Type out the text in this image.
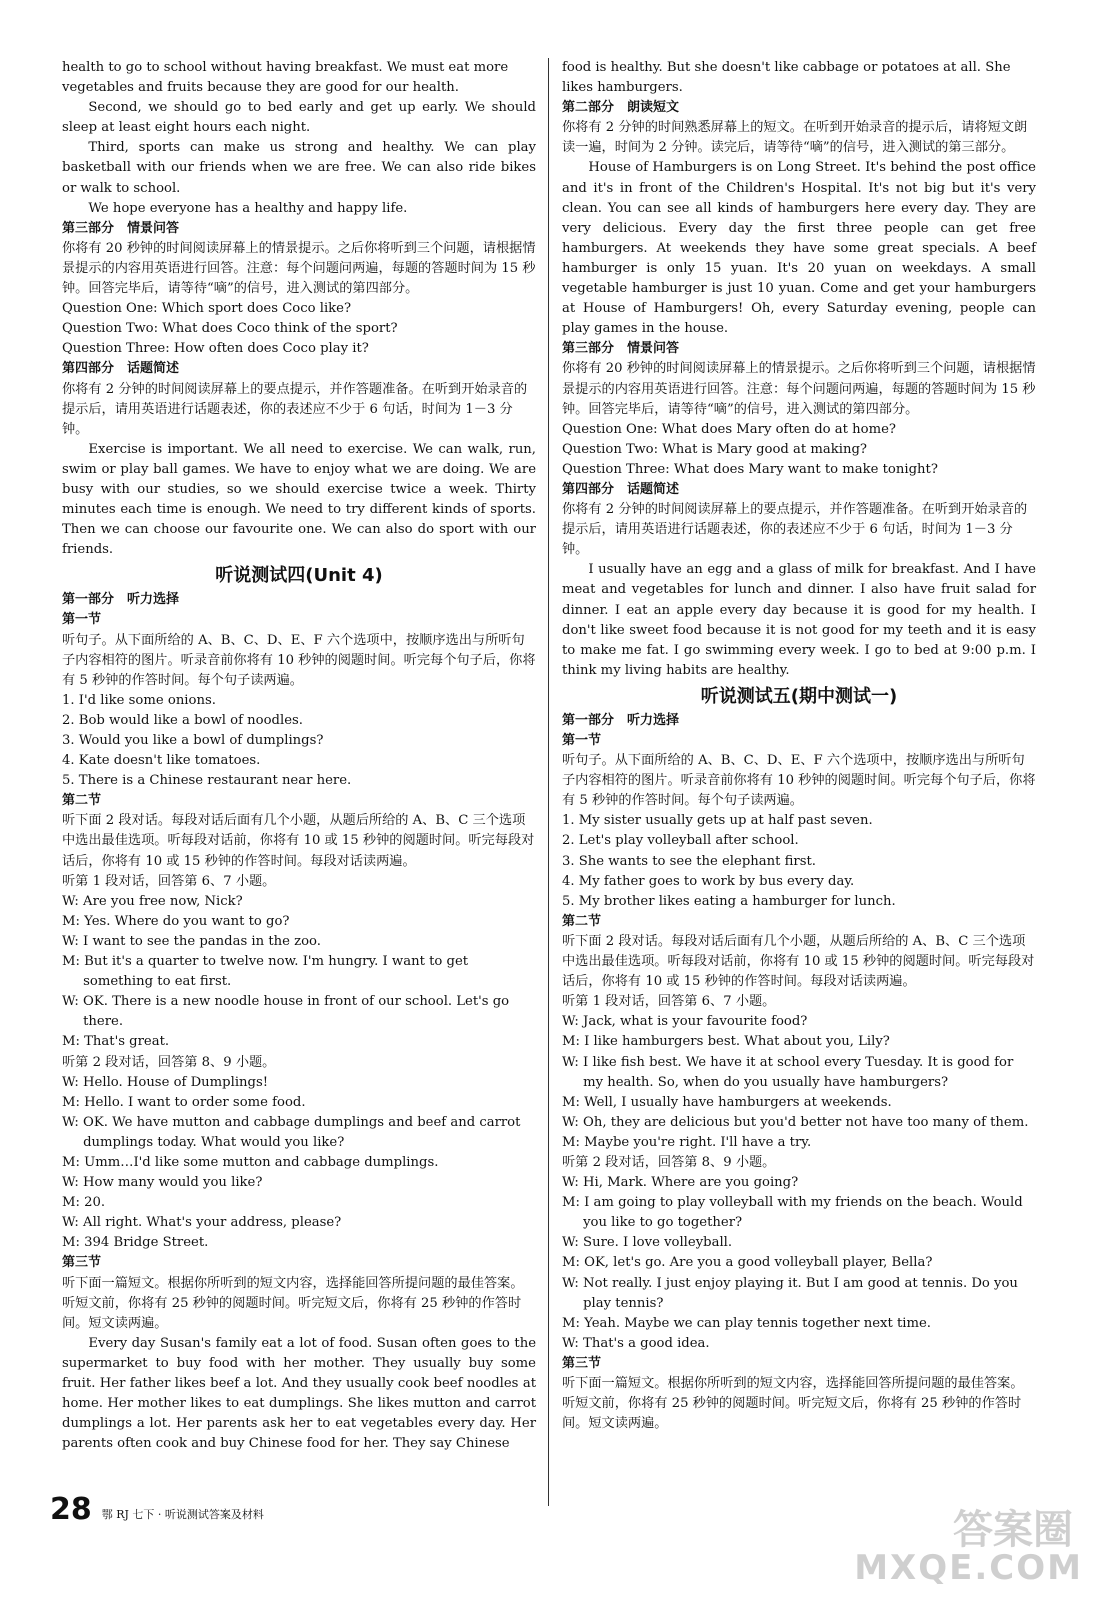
health to go to school without having breakfast. We must eat more vegetables and fruits because they are good for our health.

Second, we should go to bed early and get up early. We should sleep at least eight hours each night.

Third, sports can make us strong and healthy. We can play basketball with our friends when we are free. We can also ride bikes or walk to school.

We hope everyone has a healthy and happy life.

第三部分　情景问答

你将有 20 秒钟的时间阅读屏幕上的情景提示。之后你将听到三个问题，请根据情景提示的内容用英语进行回答。注意：每个问题问两遍，每题的答题时间为 15 秒钟。回答完毕后，请等待“嘀”的信号，进入测试的第四部分。

Question One: Which sport does Coco like?

Question Two: What does Coco think of the sport?

Question Three: How often does Coco play it?

第四部分　话题简述

你将有 2 分钟的时间阅读屏幕上的要点提示，并作答题准备。在听到开始录音的提示后，请用英语进行话题表述，你的表述应不少于 6 句话，时间为 1－3 分钟。

Exercise is important. We all need to exercise. We can walk, run, swim or play ball games. We have to enjoy what we are doing. We are busy with our studies, so we should exercise twice a week. Thirty minutes each time is enough. We need to try different kinds of sports. Then we can choose our favourite one. We can also do sport with our friends.

听说测试四(Unit 4)

第一部分　听力选择

第一节

听句子。从下面所给的 A、B、C、D、E、F 六个选项中，按顺序选出与所听句子内容相符的图片。听录音前你将有 10 秒钟的阅题时间。听完每个句子后，你将有 5 秒钟的作答时间。每个句子读两遍。

1. I'd like some onions.

2. Bob would like a bowl of noodles.

3. Would you like a bowl of dumplings?

4. Kate doesn't like tomatoes.

5. There is a Chinese restaurant near here.

第二节

听下面 2 段对话。每段对话后面有几个小题，从题后所给的 A、B、C 三个选项中选出最佳选项。听每段对话前，你将有 10 或 15 秒钟的阅题时间。听完每段对话后，你将有 10 或 15 秒钟的作答时间。每段对话读两遍。

听第 1 段对话，回答第 6、7 小题。

W: Are you free now, Nick?

M: Yes. Where do you want to go?

W: I want to see the pandas in the zoo.

M: But it's a quarter to twelve now. I'm hungry. I want to get something to eat first.

W: OK. There is a new noodle house in front of our school. Let's go there.

M: That's great.

听第 2 段对话，回答第 8、9 小题。

W: Hello. House of Dumplings!

M: Hello. I want to order some food.

W: OK. We have mutton and cabbage dumplings and beef and carrot dumplings today. What would you like?

M: Umm…I'd like some mutton and cabbage dumplings.

W: How many would you like?

M: 20.

W: All right. What's your address, please?

M: 394 Bridge Street.

第三节

听下面一篇短文。根据你所听到的短文内容，选择能回答所提问题的最佳答案。听短文前，你将有 25 秒钟的阅题时间。听完短文后，你将有 25 秒钟的作答时间。短文读两遍。

Every day Susan's family eat a lot of food. Susan often goes to the supermarket to buy food with her mother. They usually buy some fruit. Her father likes beef a lot. And they usually cook beef noodles at home. Her mother likes to eat dumplings. She likes mutton and carrot dumplings a lot. Her parents ask her to eat vegetables every day. Her parents often cook and buy Chinese food for her. They say Chinese

food is healthy. But she doesn't like cabbage or potatoes at all. She likes hamburgers.

第二部分　朗读短文

你将有 2 分钟的时间熟悉屏幕上的短文。在听到开始录音的提示后，请将短文朗读一遍，时间为 2 分钟。读完后，请等待“嘀”的信号，进入测试的第三部分。

House of Hamburgers is on Long Street. It's behind the post office and it's in front of the Children's Hospital. It's not big but it's very clean. You can see all kinds of hamburgers here every day. They are very delicious. Every day the first three people can get free hamburgers. At weekends they have some great specials. A beef hamburger is only 15 yuan. It's 20 yuan on weekdays. A small vegetable hamburger is just 10 yuan. Come and get your hamburgers at House of Hamburgers! Oh, every Saturday evening, people can play games in the house.

第三部分　情景问答

你将有 20 秒钟的时间阅读屏幕上的情景提示。之后你将听到三个问题，请根据情景提示的内容用英语进行回答。注意：每个问题问两遍，每题的答题时间为 15 秒钟。回答完毕后，请等待“嘀”的信号，进入测试的第四部分。

Question One: What does Mary often do at home?

Question Two: What is Mary good at making?

Question Three: What does Mary want to make tonight?

第四部分　话题简述

你将有 2 分钟的时间阅读屏幕上的要点提示，并作答题准备。在听到开始录音的提示后，请用英语进行话题表述，你的表述应不少于 6 句话，时间为 1－3 分钟。

I usually have an egg and a glass of milk for breakfast. And I have meat and vegetables for lunch and dinner. I also have fruit salad for dinner. I eat an apple every day because it is good for my health. I don't like sweet food because it is not good for my teeth and it is easy to make me fat. I go swimming every week. I go to bed at 9:00 p.m. I think my living habits are healthy.

听说测试五(期中测试一)

第一部分　听力选择

第一节

听句子。从下面所给的 A、B、C、D、E、F 六个选项中，按顺序选出与所听句子内容相符的图片。听录音前你将有 10 秒钟的阅题时间。听完每个句子后，你将有 5 秒钟的作答时间。每个句子读两遍。

1. My sister usually gets up at half past seven.

2. Let's play volleyball after school.

3. She wants to see the elephant first.

4. My father goes to work by bus every day.

5. My brother likes eating a hamburger for lunch.

第二节

听下面 2 段对话。每段对话后面有几个小题，从题后所给的 A、B、C 三个选项中选出最佳选项。听每段对话前，你将有 10 或 15 秒钟的阅题时间。听完每段对话后，你将有 10 或 15 秒钟的作答时间。每段对话读两遍。

听第 1 段对话，回答第 6、7 小题。

W: Jack, what is your favourite food?

M: I like hamburgers best. What about you, Lily?

W: I like fish best. We have it at school every Tuesday. It is good for my health. So, when do you usually have hamburgers?

M: Well, I usually have hamburgers at weekends.

W: Oh, they are delicious but you'd better not have too many of them.

M: Maybe you're right. I'll have a try.

听第 2 段对话，回答第 8、9 小题。

W: Hi, Mark. Where are you going?

M: I am going to play volleyball with my friends on the beach. Would you like to go together?

W: Sure. I love volleyball.

M: OK, let's go. Are you a good volleyball player, Bella?

W: Not really. I just enjoy playing it. But I am good at tennis. Do you play tennis?

M: Yeah. Maybe we can play tennis together next time.

W: That's a good idea.

第三节

听下面一篇短文。根据你所听到的短文内容，选择能回答所提问题的最佳答案。听短文前，你将有 25 秒钟的阅题时间。听完短文后，你将有 25 秒钟的作答时间。短文读两遍。

28 鄂 RJ 七下 · 听说测试答案及材料	答案圈
MXQE.COM
